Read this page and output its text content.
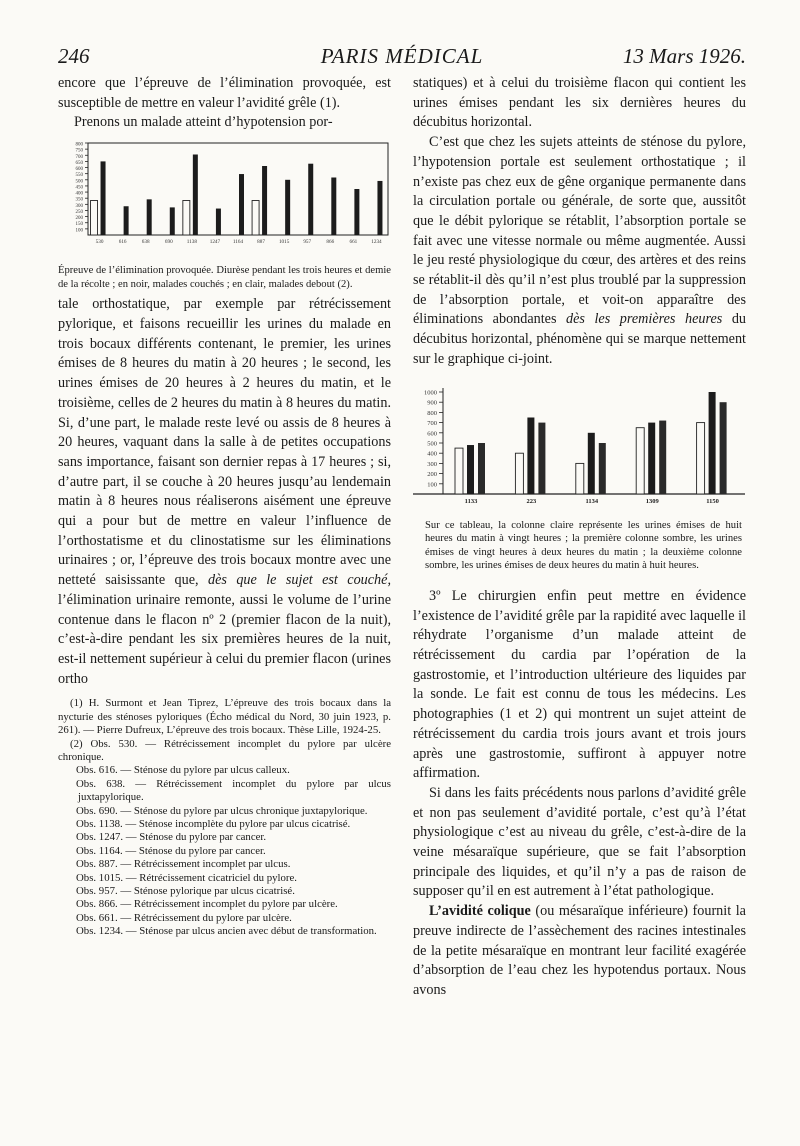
246	PARIS MÉDICAL	13 Mars 1926.

encore que l’épreuve de l’élimination provoquée, est susceptible de mettre en valeur l’avidité grêle (1).

Prenons un malade atteint d’hypotension por-

800
750
700
650
600
550
500
450
400
350
300
250
200
150
100
530	616	638	690	1138 1247 1164	887	1015	957	866	661	1234

Épreuve de l’élimination provoquée. Diurèse pendant les trois heures et demie de la récolte ; en noir, malades couchés ; en clair, malades debout (2).

tale orthostatique, par exemple par rétrécissement pylorique, et faisons recueillir les urines du malade en trois bocaux différents contenant, le premier, les urines émises de 8 heures du matin à 20 heures ; le second, les urines émises de 20 heures à 2 heures du matin, et le troisième, celles de 2 heures du matin à 8 heures du matin. Si, d’une part, le malade reste levé ou assis de 8 heures à 20 heures, vaquant dans la salle à de petites occupations sans importance, faisant son dernier repas à 17 heures ; si, d’autre part, il se couche à 20 heures jusqu’au lendemain matin à 8 heures nous réaliserons aisément une épreuve qui a pour but de mettre en valeur l’influence de l’orthostatisme et du clinostatisme sur les éliminations urinaires ; or, l’épreuve des trois bocaux montre avec une netteté saisissante que, dès que le sujet est couché, l’élimination urinaire remonte, aussi le volume de l’urine contenue dans le flacon nº 2 (premier flacon de la nuit), c’est-à-dire pendant les six premières heures de la nuit, est-il nettement supérieur à celui du premier flacon (urines ortho

(1) H. Surmont et Jean Tiprez, L’épreuve des trois bocaux dans la nycturie des sténoses pyloriques (Écho médical du Nord, 30 juin 1923, p. 261). — Pierre Dufreux, L’épreuve des trois bocaux. Thèse Lille, 1924-25.

(2) Obs. 530. — Rétrécissement incomplet du pylore par ulcère chronique.

Obs. 616. — Sténose du pylore par ulcus calleux.

Obs. 638. — Rétrécissement incomplet du pylore par ulcus juxtapylorique.

Obs. 690. — Sténose du pylore par ulcus chronique juxtapylorique.

Obs. 1138. — Sténose incomplète du pylore par ulcus cicatrisé.

Obs. 1247. — Sténose du pylore par cancer.

Obs. 1164. — Sténose du pylore par cancer.

Obs. 887. — Rétrécissement incomplet par ulcus.

Obs. 1015. — Rétrécissement cicatriciel du pylore.

Obs. 957. — Sténose pylorique par ulcus cicatrisé.

Obs. 866. — Rétrécissement incomplet du pylore par ulcère.

Obs. 661. — Rétrécissement du pylore par ulcère.

Obs. 1234. — Sténose par ulcus ancien avec début de transformation.

statiques) et à celui du troisième flacon qui contient les urines émises pendant les six dernières heures du décubitus horizontal.

C’est que chez les sujets atteints de sténose du pylore, l’hypotension portale est seulement orthostatique ; il n’existe pas chez eux de gêne organique permanente dans la circulation portale ou générale, de sorte que, aussitôt que le débit pylorique se rétablit, l’absorption portale se fait avec une vitesse normale ou même augmentée. Aussi le jeu resté physiologique du cœur, des artères et des reins se rétablit-il dès qu’il n’est plus troublé par la suppression de l’absorption portale, et voit-on apparaître des éliminations abondantes dès les premières heures du décubitus horizontal, phénomène qui se marque nettement sur le graphique ci-joint.

1000
900
800
700
600
500
400
300
200
100
1133	223	1134	1309	1150

Sur ce tableau, la colonne claire représente les urines émises de huit heures du matin à vingt heures ; la première colonne sombre, les urines émises de vingt heures à deux heures du matin ; la deuxième colonne sombre, les urines émises de deux heures du matin à huit heures.

3º Le chirurgien enfin peut mettre en évidence l’existence de l’avidité grêle par la rapidité avec laquelle il réhydrate l’organisme d’un malade atteint de rétrécissement du cardia par l’opération de la gastrostomie, et l’introduction ultérieure des liquides par la sonde. Le fait est connu de tous les médecins. Les photographies (1 et 2) qui montrent un sujet atteint de rétrécissement du cardia trois jours avant et trois jours après une gastrostomie, suffiront à appuyer notre affirmation.

Si dans les faits précédents nous parlons d’avidité grêle et non pas seulement d’avidité portale, c’est qu’à l’état physiologique c’est au niveau du grêle, c’est-à-dire de la veine mésaraïque supérieure, que se fait l’absorption principale des liquides, et qu’il n’y a pas de raison de supposer qu’il en est autrement à l’état pathologique.

L’avidité colique (ou mésaraïque inférieure) fournit la preuve indirecte de l’assèchement des racines intestinales de la petite mésaraïque en montrant leur facilité exagérée d’absorption de l’eau chez les hypotendus portaux. Nous avons
